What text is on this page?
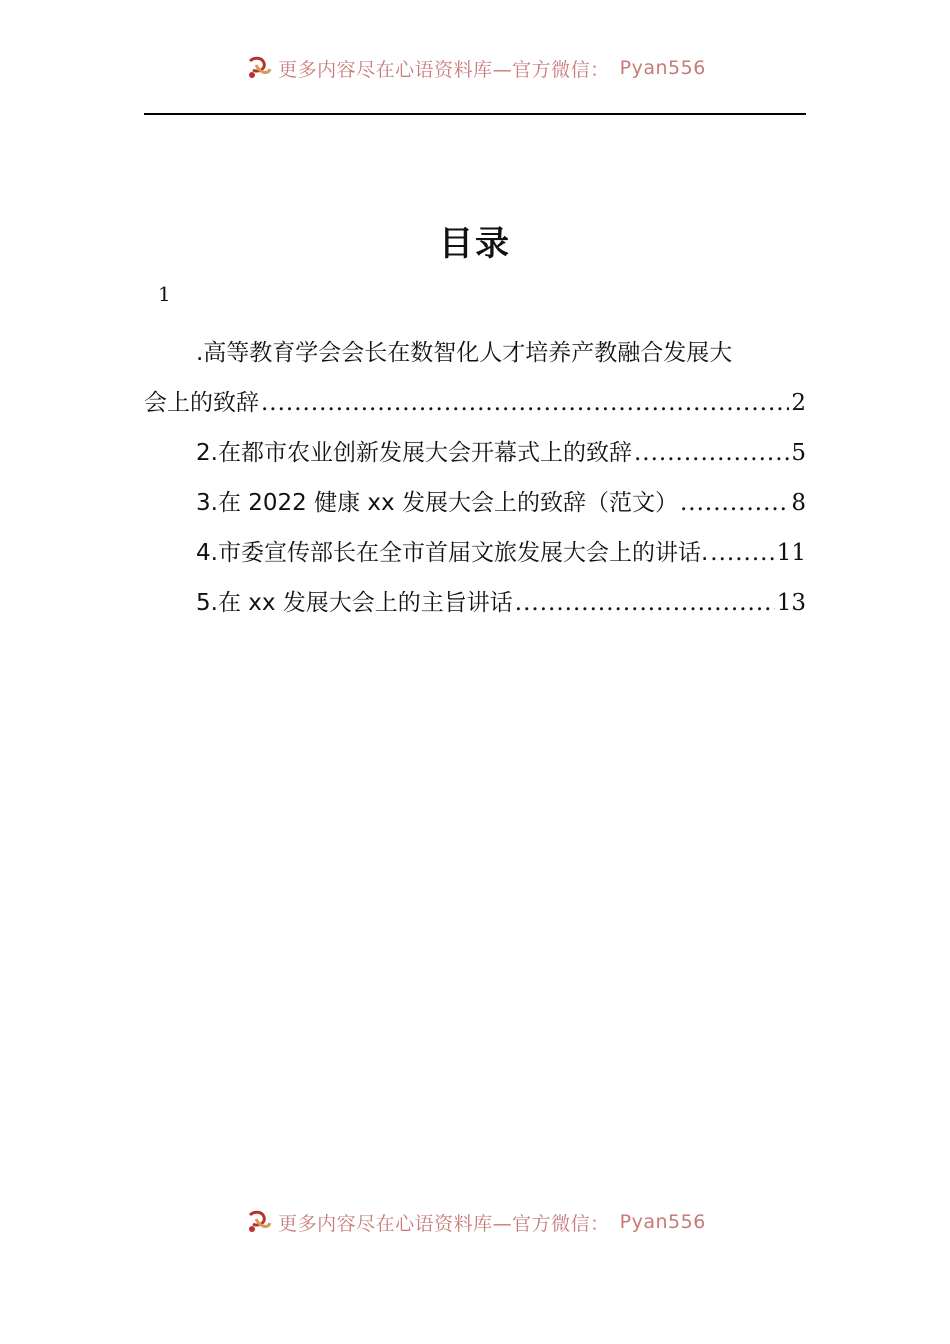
更多内容尽在心语资料库—官方微信： Pyan556
目录
1
.高等教育学会会长在数智化人才培养产教融合发展大
会上的致辞 .....	2
2.在都市农业创新发展大会开幕式上的致辞 .....	5
3.在 2022 健康 xx 发展大会上的致辞（范文） .....	8
4.市委宣传部长在全市首届文旅发展大会上的讲话. .....	11
5.在 xx 发展大会上的主旨讲话 .....	13
更多内容尽在心语资料库—官方微信： Pyan556
